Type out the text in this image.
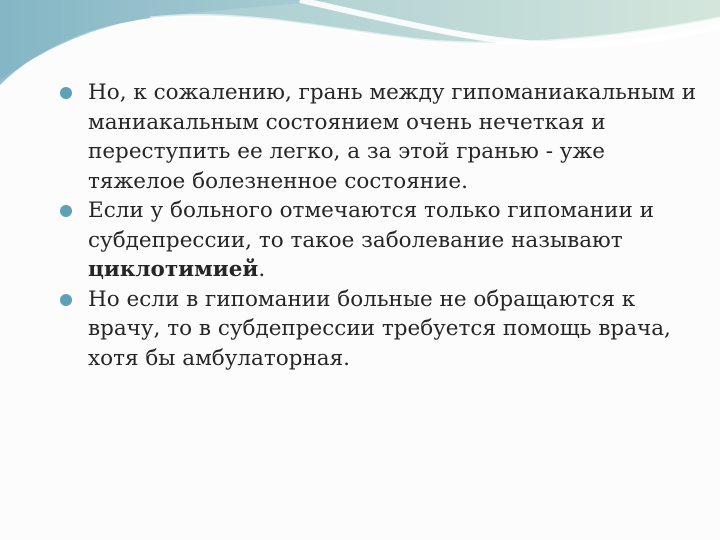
Но, к сожалению, грань между гипоманиакальным и маниакальным состоянием очень нечеткая и переступить ее легко, а за этой гранью - уже тяжелое болезненное состояние.
Если у больного отмечаются только гипомании и субдепрессии, то такое заболевание называют циклотимией.
Но если в гипомании больные не обращаются к врачу, то в субдепрессии требуется помощь врача, хотя бы амбулаторная.
